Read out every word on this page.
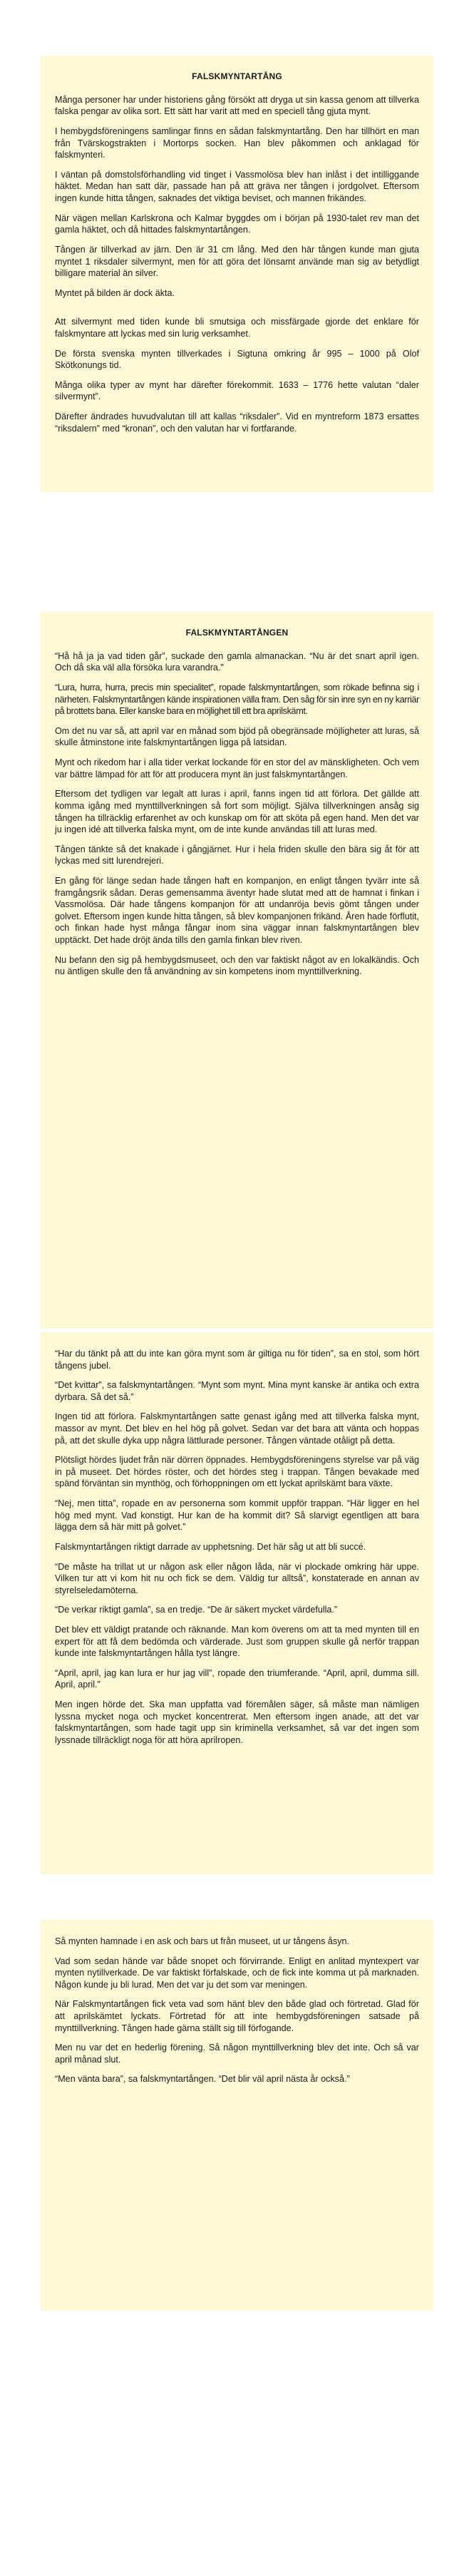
FALSKMYNTARTÅNG

Många personer har under historiens gång försökt att dryga ut sin kassa genom att tillverka falska pengar av olika sort. Ett sätt har varit att med en speciell tång gjuta mynt.

I hembygdsföreningens samlingar finns en sådan falskmyntartång. Den har tillhört en man från Tvärskogstrakten i Mortorps socken. Han blev påkommen och anklagad för falskmynteri.

I väntan på domstolsförhandling vid tinget i Vassmolösa blev han inlåst i det intilliggande häktet. Medan han satt där, passade han på att gräva ner tången i jordgolvet. Eftersom ingen kunde hitta tången, saknades det viktiga beviset, och mannen frikändes.

När vägen mellan Karlskrona och Kalmar byggdes om i början på 1930-talet rev man det gamla häktet, och då hittades falskmyntartången.

Tången är tillverkad av järn. Den är 31 cm lång. Med den här tången kunde man gjuta myntet 1 riksdaler silvermynt, men för att göra det lönsamt använde man sig av betydligt billigare material än silver.

Myntet på bilden är dock äkta.

Att silvermynt med tiden kunde bli smutsiga och missfärgade gjorde det enklare för falskmyntare att lyckas med sin lurig verksamhet.

De första svenska mynten tillverkades i Sigtuna omkring år 995 – 1000 på Olof Skötkonungs tid.

Många olika typer av mynt har därefter förekommit. 1633 – 1776 hette valutan “daler silvermynt”.

Därefter ändrades huvudvalutan till att kallas “riksdaler”. Vid en myntreform 1873 ersattes “riksdalern” med “kronan”, och den valutan har vi fortfarande.

FALSKMYNTARTÅNGEN

“Hå hå ja ja vad tiden går”, suckade den gamla almanackan. “Nu är det snart april igen. Och då ska väl alla försöka lura varandra.”

“Lura, hurra, hurra, precis min specialitet”, ropade falskmyntartången, som rökade befinna sig i närheten. Falskmyntartången kände inspirationen välla fram. Den såg för sin inre syn en ny karriär på brottets bana. Eller kanske bara en möjlighet till ett bra aprilskämt.

Om det nu var så, att april var en månad som bjöd på obegränsade möjligheter att luras, så skulle åtminstone inte falskmyntartången ligga på latsidan.

Mynt och rikedom har i alla tider verkat lockande för en stor del av mänskligheten. Och vem var bättre lämpad för att för att producera mynt än just falskmyntartången.

Eftersom det tydligen var legalt att luras i april, fanns ingen tid att förlora. Det gällde att komma igång med mynttillverkningen så fort som möjligt. Själva tillverkningen ansåg sig tången ha tillräcklig erfarenhet av och kunskap om för att sköta på egen hand. Men det var ju ingen idé att tillverka falska mynt, om de inte kunde användas till att luras med.

Tången tänkte så det knakade i gångjärnet. Hur i hela friden skulle den bära sig åt för att lyckas med sitt lurendrejeri.

En gång för länge sedan hade tången haft en kompanjon, en enligt tången tyvärr inte så framgångsrik sådan. Deras gemensamma äventyr hade slutat med att de hamnat i finkan i Vassmolösa. Där hade tångens kompanjon för att undanröja bevis gömt tången under golvet. Eftersom ingen kunde hitta tången, så blev kompanjonen frikänd. Åren hade förflutit, och finkan hade hyst många fångar inom sina väggar innan falskmyntartången blev upptäckt. Det hade dröjt ända tills den gamla finkan blev riven.

Nu befann den sig på hembygdsmuseet, och den var faktiskt något av en lokalkändis. Och nu äntligen skulle den få användning av sin kompetens inom mynttillverkning.

“Har du tänkt på att du inte kan göra mynt som är giltiga nu för tiden”, sa en stol, som hört tångens jubel.

“Det kvittar”, sa falskmyntartången. “Mynt som mynt. Mina mynt kanske är antika och extra dyrbara. Så det så.”

Ingen tid att förlora. Falskmyntartången satte genast igång med att tillverka falska mynt, massor av mynt. Det blev en hel hög på golvet. Sedan var det bara att vänta och hoppas på, att det skulle dyka upp några lättlurade personer. Tången väntade otåligt på detta.

Plötsligt hördes ljudet från när dörren öppnades. Hembygdsföreningens styrelse var på väg in på museet. Det hördes röster, och det hördes steg i trappan. Tången bevakade med spänd förväntan sin mynthög, och förhoppningen om ett lyckat aprilskämt bara växte.

“Nej, men titta”, ropade en av personerna som kommit uppför trappan. “Här ligger en hel hög med mynt. Vad konstigt. Hur kan de ha kommit dit? Så slarvigt egentligen att bara lägga dem så här mitt på golvet.”

Falskmyntartången riktigt darrade av upphetsning. Det här såg ut att bli succé.

“De måste ha trillat ut ur någon ask eller någon låda, när vi plockade omkring här uppe. Vilken tur att vi kom hit nu och fick se dem. Väldig tur alltså”, konstaterade en annan av styrelseledamöterna.

“De verkar riktigt gamla”, sa en tredje. “De är säkert mycket värdefulla.”

Det blev ett väldigt pratande och räknande. Man kom överens om att ta med mynten till en expert för att få dem bedömda och värderade. Just som gruppen skulle gå nerför trappan kunde inte falskmyntartången hålla tyst längre.

“April, april, jag kan lura er hur jag vill”, ropade den triumferande. “April, april, dumma sill. April, april.”

Men ingen hörde det. Ska man uppfatta vad föremålen säger, så måste man nämligen lyssna mycket noga och mycket koncentrerat. Men eftersom ingen anade, att det var falskmyntartången, som hade tagit upp sin kriminella verksamhet, så var det ingen som lyssnade tillräckligt noga för att höra aprilropen.

Så mynten hamnade i en ask och bars ut från museet, ut ur tångens åsyn.

Vad som sedan hände var både snopet och förvirrande. Enligt en anlitad myntexpert var mynten nytillverkade. De var faktiskt förfalskade, och de fick inte komma ut på marknaden. Någon kunde ju bli lurad. Men det var ju det som var meningen.

När Falskmyntartången fick veta vad som hänt blev den både glad och förtretad. Glad för att aprilskämtet lyckats. Förtretad för att inte hembygdsföreningen satsade på mynttillverkning. Tången hade gärna ställt sig till förfogande.

Men nu var det en hederlig förening. Så någon mynttillverkning blev det inte. Och så var april månad slut.

“Men vänta bara”, sa falskmyntartången. “Det blir väl april nästa år också.”
